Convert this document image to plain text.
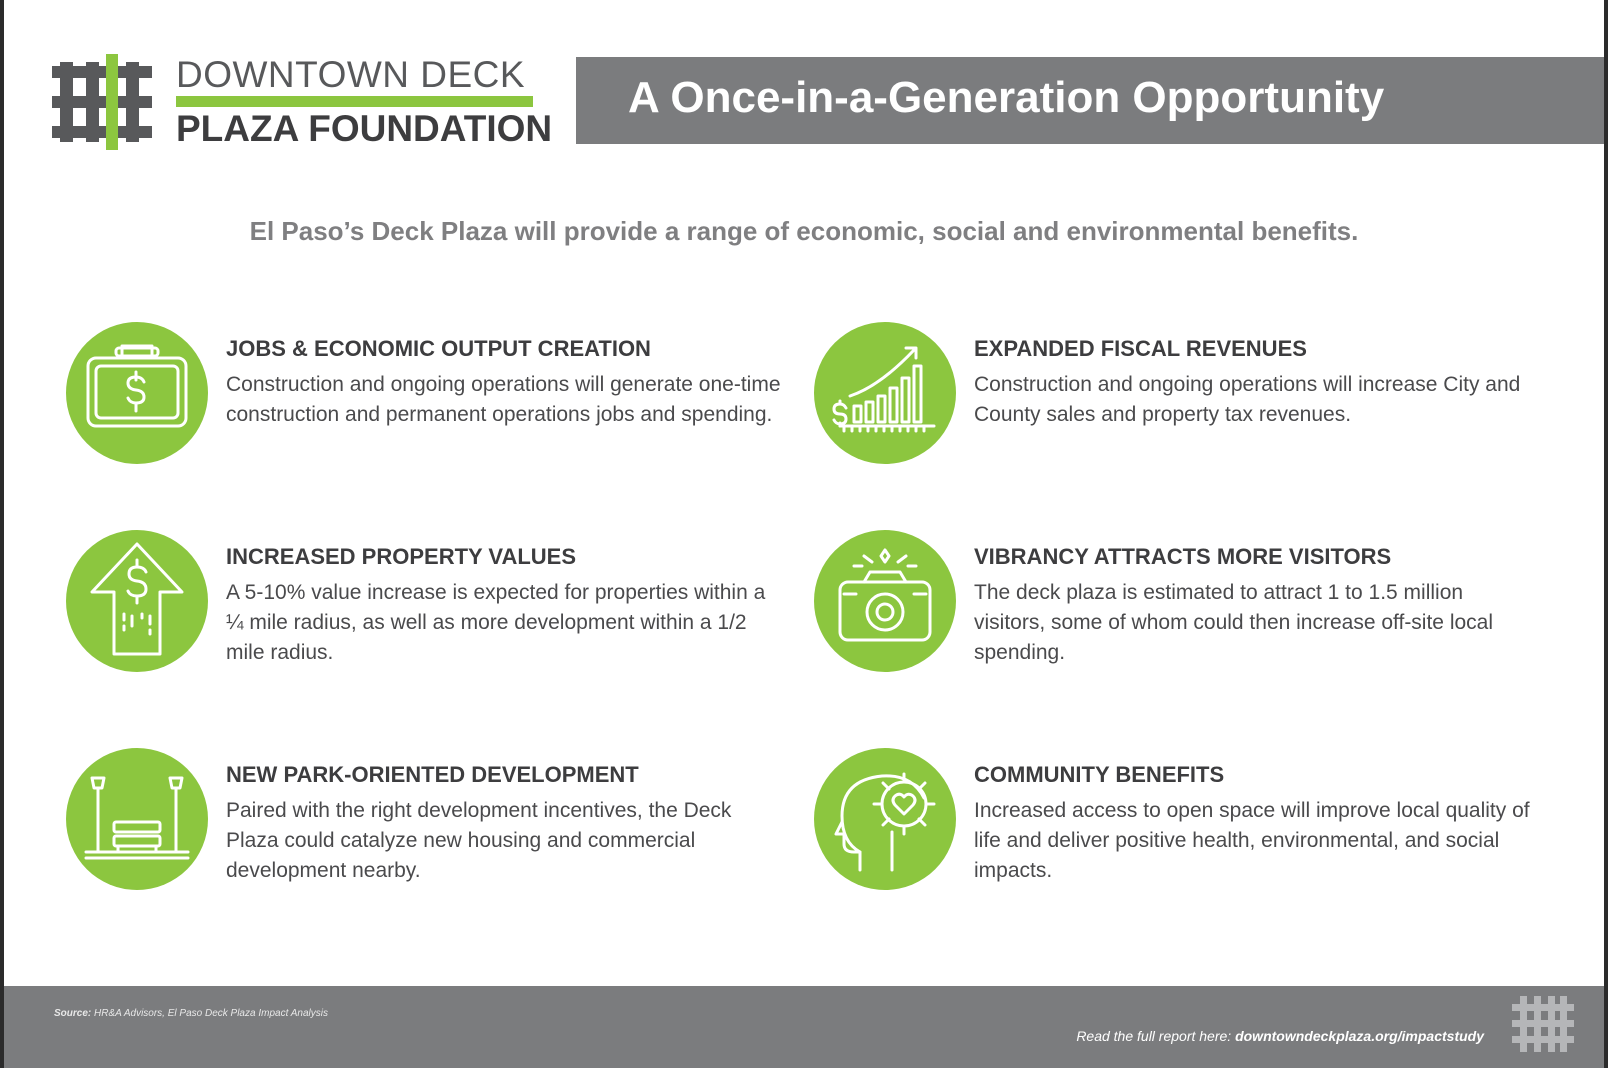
DOWNTOWN DECK
PLAZA FOUNDATION
A Once-in-a-Generation Opportunity
El Paso’s Deck Plaza will provide a range of economic, social and environmental benefits.
JOBS & ECONOMIC OUTPUT CREATION
Construction and ongoing operations will generate one-time construction and permanent operations jobs and spending.
EXPANDED FISCAL REVENUES
Construction and ongoing operations will increase City and County sales and property tax revenues.
INCREASED PROPERTY VALUES
A 5-10% value increase is expected for properties within a ¼ mile radius, as well as more development within a 1/2 mile radius.
VIBRANCY ATTRACTS MORE VISITORS
The deck plaza is estimated to attract 1 to 1.5 million visitors, some of whom could then increase off-site local spending.
NEW PARK-ORIENTED DEVELOPMENT
Paired with the right development incentives, the Deck Plaza could catalyze new housing and commercial development nearby.
COMMUNITY BENEFITS
Increased access to open space will improve local quality of life and deliver positive health, environmental, and social impacts.
Source: HR&A Advisors, El Paso Deck Plaza Impact Analysis
Read the full report here: downtowndeckplaza.org/impactstudy
